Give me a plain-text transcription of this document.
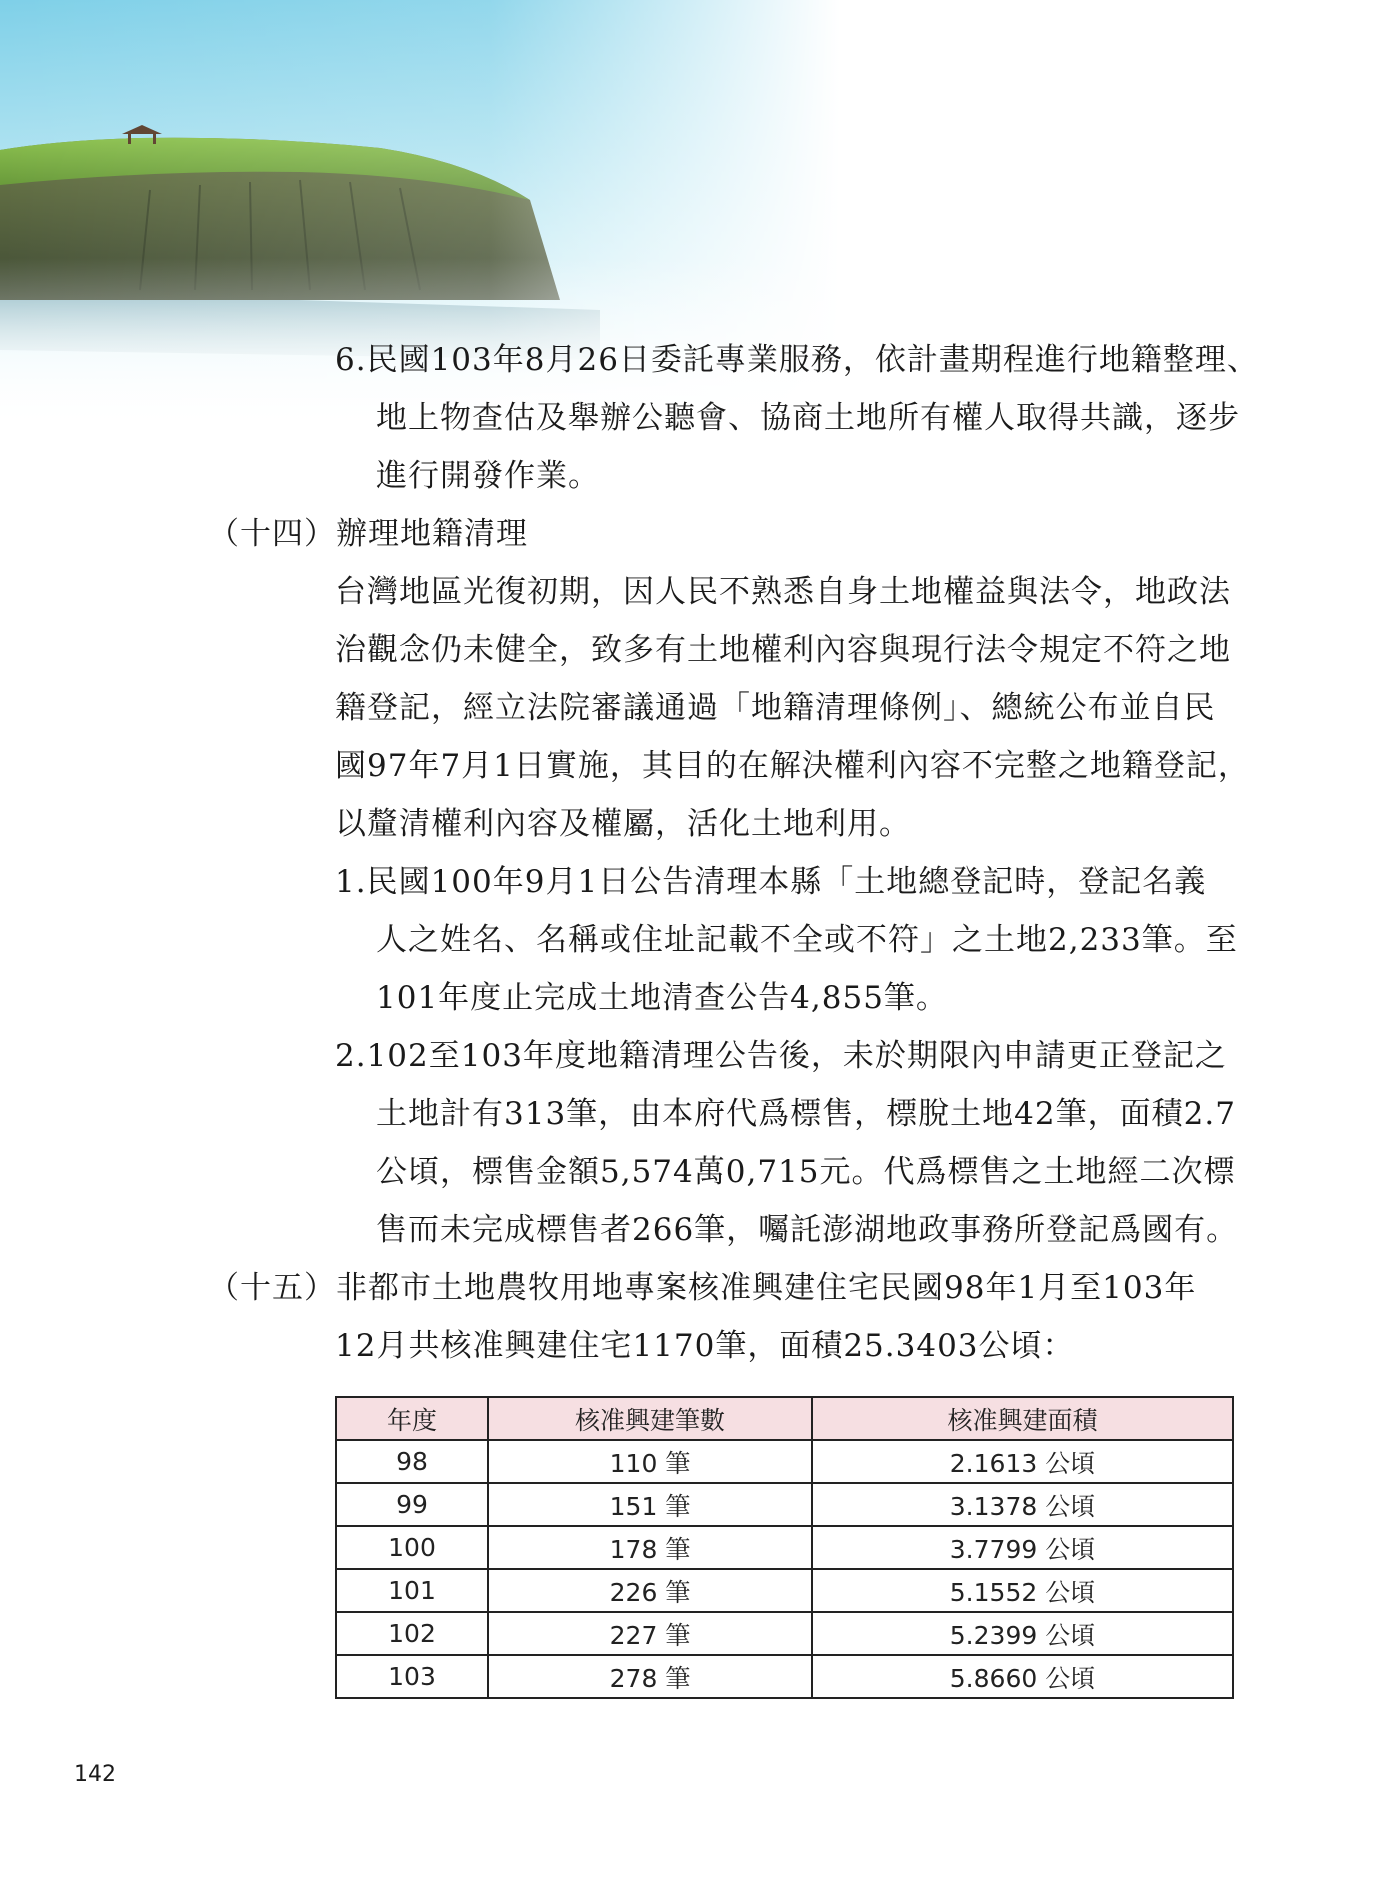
6.民國103年8月26日委託專業服務，依計畫期程進行地籍整理、
地上物查估及舉辦公聽會、協商土地所有權人取得共識，逐步
進行開發作業。
（十四）辦理地籍清理
台灣地區光復初期，因人民不熟悉自身土地權益與法令，地政法
治觀念仍未健全，致多有土地權利內容與現行法令規定不符之地
籍登記，經立法院審議通過「地籍清理條例」、總統公布並自民
國97年7月1日實施，其目的在解決權利內容不完整之地籍登記，
以釐清權利內容及權屬，活化土地利用。
1.民國100年9月1日公告清理本縣「土地總登記時，登記名義
人之姓名、名稱或住址記載不全或不符」之土地2,233筆。至
101年度止完成土地清查公告4,855筆。
2.102至103年度地籍清理公告後，未於期限內申請更正登記之
土地計有313筆，由本府代爲標售，標脫土地42筆，面積2.7
公頃，標售金額5,574萬0,715元。代爲標售之土地經二次標
售而未完成標售者266筆，囑託澎湖地政事務所登記爲國有。
（十五）非都市土地農牧用地專案核准興建住宅民國98年1月至103年
12月共核准興建住宅1170筆，面積25.3403公頃：
年度	核准興建筆數	核准興建面積
98	110 筆	2.1613 公頃
99	151 筆	3.1378 公頃
100	178 筆	3.7799 公頃
101	226 筆	5.1552 公頃
102	227 筆	5.2399 公頃
103	278 筆	5.8660 公頃
142
